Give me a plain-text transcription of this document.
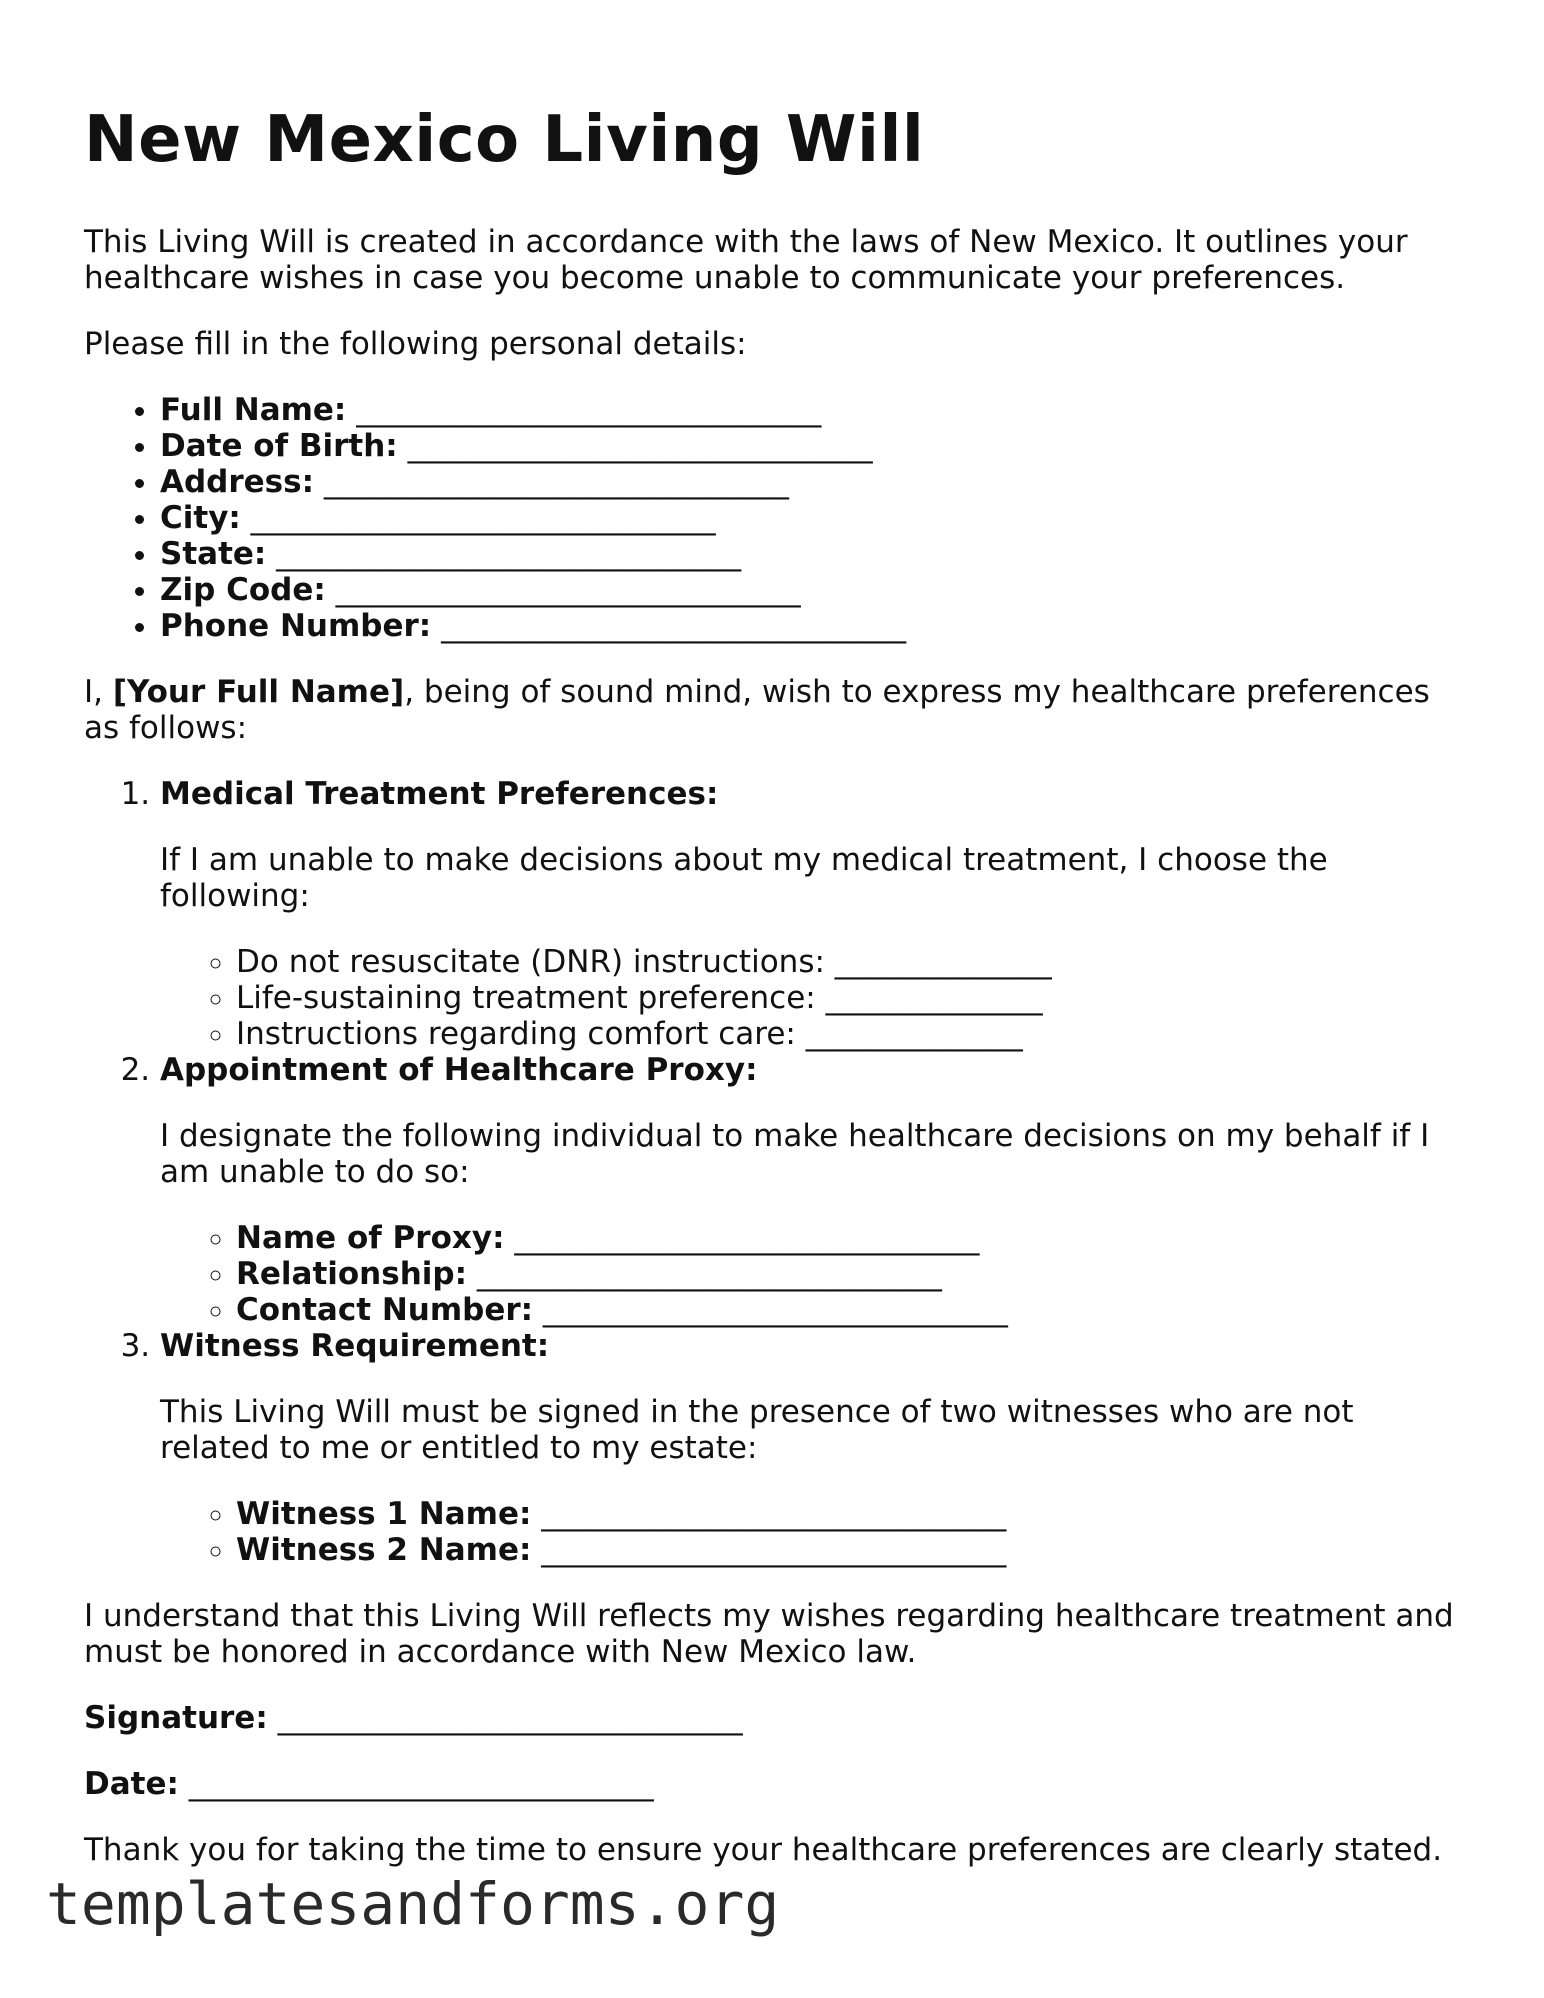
New Mexico Living Will

This Living Will is created in accordance with the laws of New Mexico. It outlines your healthcare wishes in case you become unable to communicate your preferences.

Please fill in the following personal details:

• Full Name: ______________________________
• Date of Birth: ______________________________
• Address: ______________________________
• City: ______________________________
• State: ______________________________
• Zip Code: ______________________________
• Phone Number: ______________________________

I, [Your Full Name], being of sound mind, wish to express my healthcare preferences as follows:

1. Medical Treatment Preferences:

If I am unable to make decisions about my medical treatment, I choose the following:

◦ Do not resuscitate (DNR) instructions: ______________
◦ Life-sustaining treatment preference: ______________
◦ Instructions regarding comfort care: ______________
2. Appointment of Healthcare Proxy:

I designate the following individual to make healthcare decisions on my behalf if I am unable to do so:

◦ Name of Proxy: ______________________________
◦ Relationship: ______________________________
◦ Contact Number: ______________________________
3. Witness Requirement:

This Living Will must be signed in the presence of two witnesses who are not related to me or entitled to my estate:

◦ Witness 1 Name: ______________________________
◦ Witness 2 Name: ______________________________

I understand that this Living Will reflects my wishes regarding healthcare treatment and must be honored in accordance with New Mexico law.

Signature: ______________________________

Date: ______________________________

Thank you for taking the time to ensure your healthcare preferences are clearly stated.

templatesandforms.org
